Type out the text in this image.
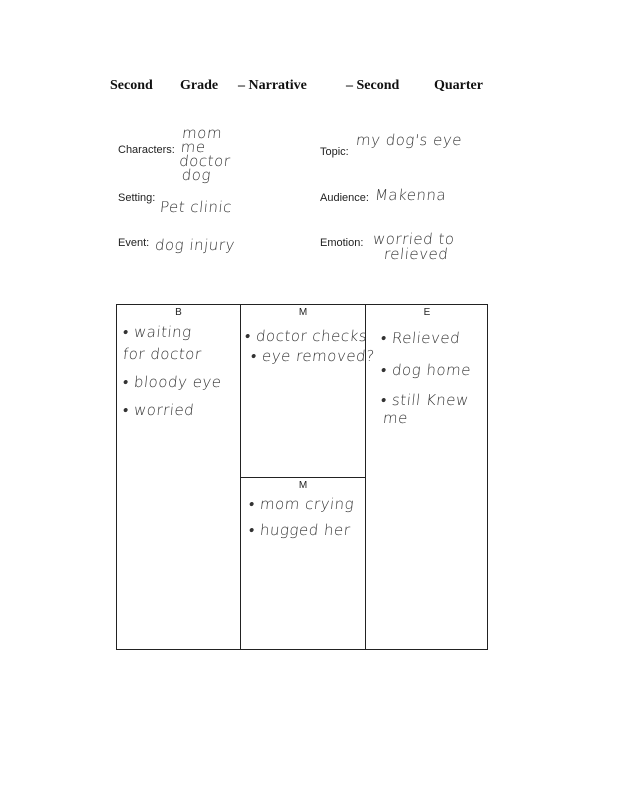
Second Grade – Narrative	– Second Quarter
Characters:
mom
me
doctor
dog
Setting: Pet clinic
Event: dog injury
Topic:
my dog's eye
Audience: Makenna
Emotion: worried to
relieved
B	M
M
E
• waiting
for doctor
• bloody eye
• worried
• doctor checks
• eye removed?
• mom crying
• hugged her
• Relieved
• dog home
• still Knew
me
